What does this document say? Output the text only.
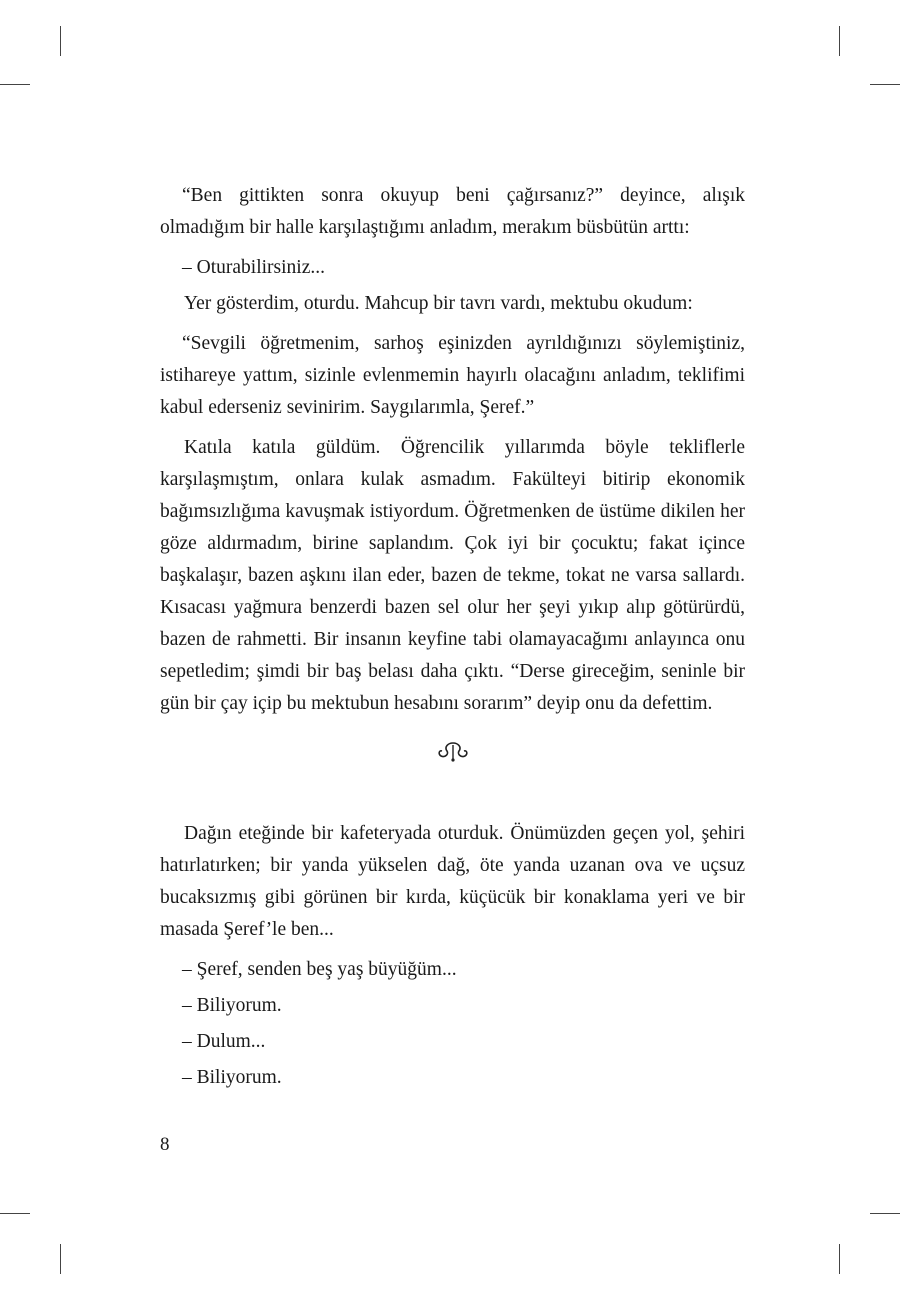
“Ben gittikten sonra okuyup beni çağırsanız?” deyince, alışık olmadığım bir halle karşılaştığımı anladım, merakım büsbütün arttı:

– Oturabilirsiniz...

Yer gösterdim, oturdu. Mahcup bir tavrı vardı, mektubu okudum:

“Sevgili öğretmenim, sarhoş eşinizden ayrıldığınızı söylemiştiniz, istihareye yattım, sizinle evlenmemin hayırlı olacağını anladım, teklifimi kabul ederseniz sevinirim. Saygılarımla, Şeref.”

Katıla katıla güldüm. Öğrencilik yıllarımda böyle tekliflerle karşılaşmıştım, onlara kulak asmadım. Fakülteyi bitirip ekonomik bağımsızlığıma kavuşmak istiyordum. Öğretmenken de üstüme dikilen her göze aldırmadım, birine saplandım. Çok iyi bir çocuktu; fakat içince başkalaşır, bazen aşkını ilan eder, bazen de tekme, tokat ne varsa sallardı. Kısacası yağmura benzerdi bazen sel olur her şeyi yıkıp alıp götürürdü, bazen de rahmetti. Bir insanın keyfine tabi olamayacağımı anlayınca onu sepetledim; şimdi bir baş belası daha çıktı. “Derse gireceğim, seninle bir gün bir çay içip bu mektubun hesabını sorarım” deyip onu da defettim.

Dağın eteğinde bir kafeteryada oturduk. Önümüzden geçen yol, şehiri hatırlatırken; bir yanda yükselen dağ, öte yanda uzanan ova ve uçsuz bucaksızmış gibi görünen bir kırda, küçücük bir konaklama yeri ve bir masada Şeref’le ben...

– Şeref, senden beş yaş büyüğüm...

– Biliyorum.

– Dulum...

– Biliyorum.

8
